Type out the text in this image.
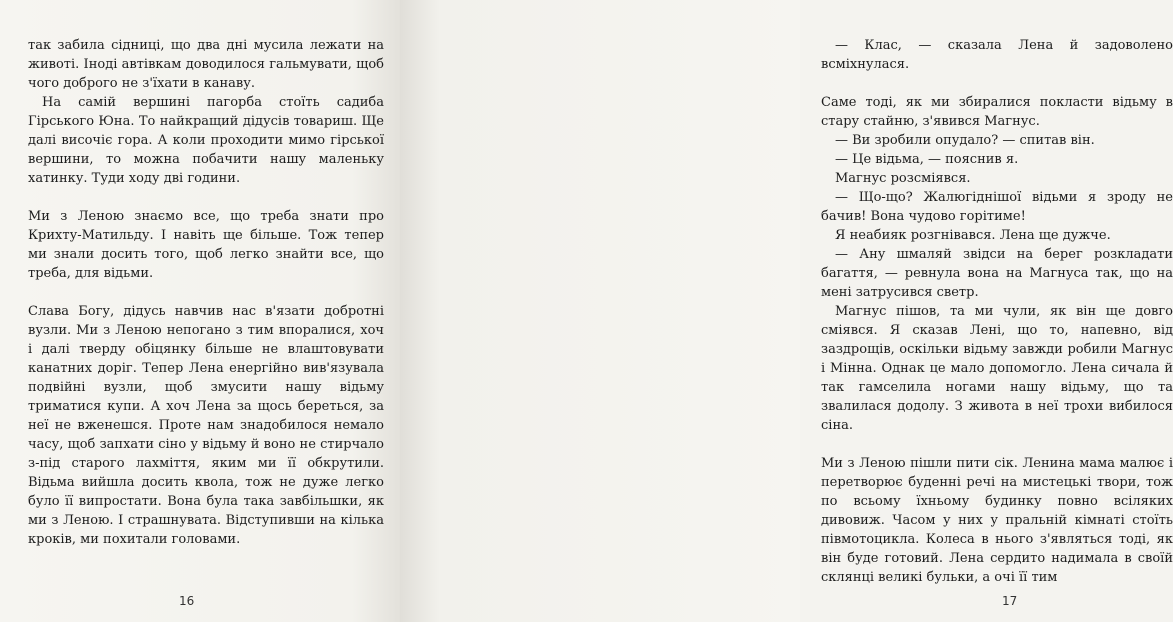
так забила сідниці, що два дні мусила лежати на животі. Іноді автівкам доводилося гальмувати, щоб чого доброго не з'їхати в канаву.

На самій вершині пагорба стоїть садиба Гірського Юна. То найкращий дідусів товариш. Ще далі височіє гора. А коли проходити мимо гірської вершини, то можна побачити нашу маленьку хатинку. Туди ходу дві години.

Ми з Леною знаємо все, що треба знати про Крихту-Матильду. І навіть ще більше. Тож тепер ми знали досить того, щоб легко знайти все, що треба, для відьми.

Слава Богу, дідусь навчив нас в'язати добротні вузли. Ми з Леною непогано з тим впоралися, хоч і далі тверду обіцянку більше не влаштовувати канатних доріг. Тепер Лена енергійно вив'язувала подвійні вузли, щоб змусити нашу відьму триматися купи. А хоч Лена за щось береться, за неї не вженешся. Проте нам знадобилося немало часу, щоб запхати сіно у відьму й воно не стирчало з-під старого лахміття, яким ми її обкрутили. Відьма вийшла досить квола, тож не дуже легко було її випростати. Вона була така завбільшки, як ми з Леною. І страшнувата. Відступивши на кілька кроків, ми похитали головами.

16

— Клас, — сказала Лена й задоволено всміхнулася.

Саме тоді, як ми збиралися покласти відьму в стару стайню, з'явився Магнус.

— Ви зробили опудало? — спитав він.

— Це відьма, — пояснив я.

Магнус розсміявся.

— Що-що? Жалюгіднішої відьми я зроду не бачив! Вона чудово горітиме!

Я неабияк розгнівався. Лена ще дужче.

— Ану шмаляй звідси на берег розкладати багаття, — ревнула вона на Магнуса так, що на мені затрусився светр.

Магнус пішов, та ми чули, як він ще довго сміявся. Я сказав Лені, що то, напевно, від заздрощів, оскільки відьму завжди робили Магнус і Мінна. Однак це мало допомогло. Лена сичала й так гамселила ногами нашу відьму, що та звалилася додолу. З живота в неї трохи вибилося сіна.

Ми з Леною пішли пити сік. Ленина мама малює і перетворює буденні речі на мистецькі твори, тож по всьому їхньому будинку повно всіляких дивовиж. Часом у них у пральній кімнаті стоїть півмотоцикла. Колеса в нього з'являться тоді, як він буде готовий. Лена сердито надимала в своїй склянці великі бульки, а очі її тим

17
